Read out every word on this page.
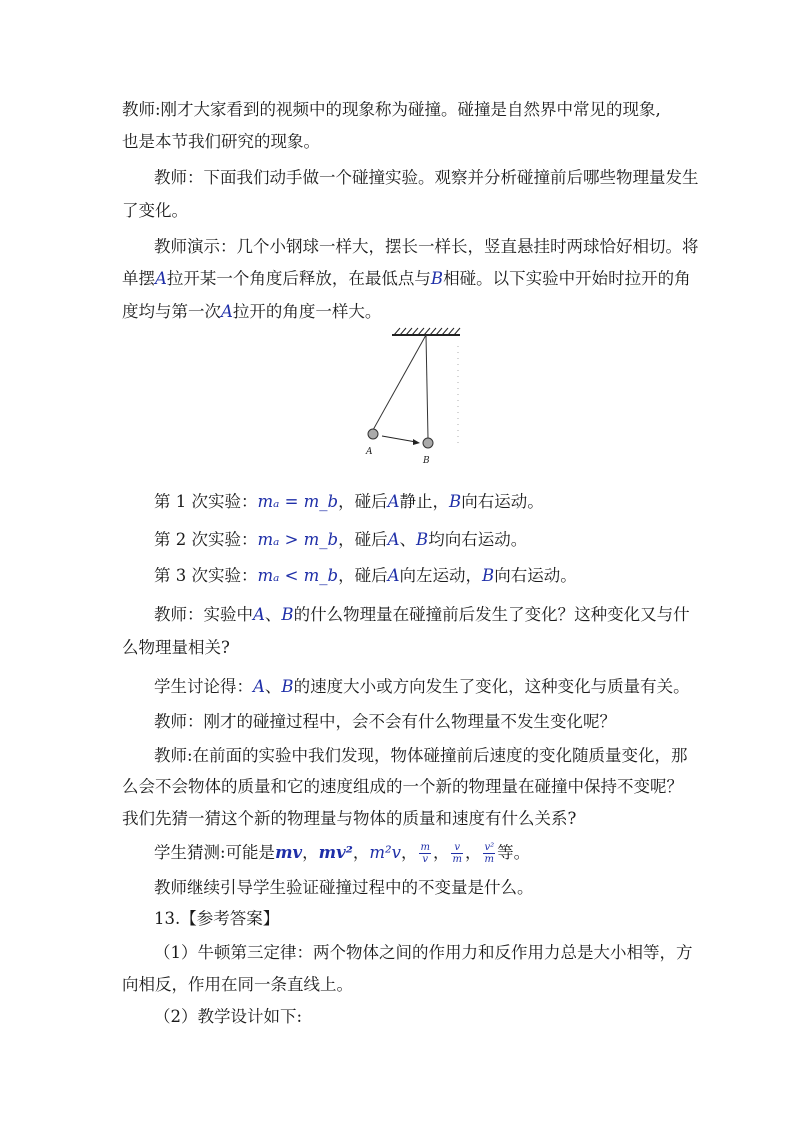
教师:刚才大家看到的视频中的现象称为碰撞。碰撞是自然界中常见的现象,
也是本节我们研究的现象。
教师：下面我们动手做一个碰撞实验。观察并分析碰撞前后哪些物理量发生
了变化。
教师演示：几个小钢球一样大，摆长一样长，竖直悬挂时两球恰好相切。将
单摆A拉开某一个角度后释放，在最低点与B相碰。以下实验中开始时拉开的角
度均与第一次A拉开的角度一样大。
A
B
第 1 次实验：mₐ = m_b，碰后A静止，B向右运动。
第 2 次实验：mₐ > m_b，碰后A、B均向右运动。
第 3 次实验：mₐ < m_b，碰后A向左运动，B向右运动。
教师：实验中A、B的什么物理量在碰撞前后发生了变化？这种变化又与什
么物理量相关?
学生讨论得：A、B的速度大小或方向发生了变化，这种变化与质量有关。
教师：刚才的碰撞过程中，会不会有什么物理量不发生变化呢？
教师:在前面的实验中我们发现，物体碰撞前后速度的变化随质量变化，那
么会不会物体的质量和它的速度组成的一个新的物理量在碰撞中保持不变呢？
我们先猜一猜这个新的物理量与物体的质量和速度有什么关系?
学生猜测:可能是mv，mv²，m²v， $\frac{m}{v}$ ， $\frac{v}{m}$ ， $\frac{\text{v²}}{m}$ 等。
教师继续引导学生验证碰撞过程中的不变量是什么。
13.【参考答案】
（1）牛顿第三定律：两个物体之间的作用力和反作用力总是大小相等，方
向相反，作用在同一条直线上。
（2）教学设计如下:
